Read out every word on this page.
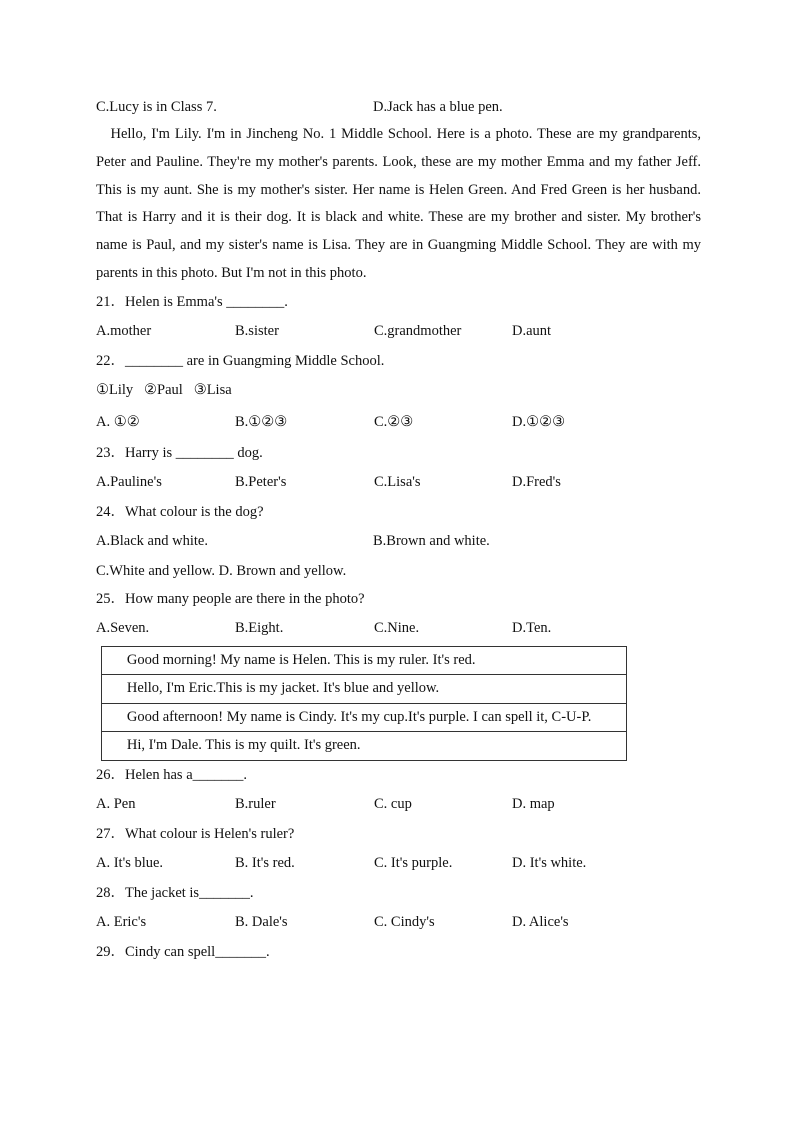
C.Lucy is in Class 7.	D.Jack has a blue pen.

Hello, I'm Lily. I'm in Jincheng No. 1 Middle School. Here is a photo. These are my grandparents, Peter and Pauline. They're my mother's parents. Look, these are my mother Emma and my father Jeff. This is my aunt. She is my mother's sister. Her name is Helen Green. And Fred Green is her husband. That is Harry and it is their dog. It is black and white. These are my brother and sister. My brother's name is Paul, and my sister's name is Lisa. They are in Guangming Middle School. They are with my parents in this photo. But I'm not in this photo.

21．Helen is Emma's ________.
A.mother	B.sister	C.grandmother	D.aunt
22．________ are in Guangming Middle School.
①Lily   ②Paul   ③Lisa
A. ①②	B.①②③	C.②③	D.①②③
23．Harry is ________ dog.
A.Pauline's	B.Peter's	C.Lisa's	D.Fred's
24．What colour is the dog?
A.Black and white.	B.Brown and white.
C.White and yellow. D. Brown and yellow.
25．How many people are there in the photo?
A.Seven.	B.Eight.	C.Nine.	D.Ten.
Good morning! My name is Helen. This is my ruler. It's red.
Hello, I'm Eric.This is my jacket. It's blue and yellow.
Good afternoon! My name is Cindy. It's my cup.It's purple. I can spell it, C-U-P.
Hi, I'm Dale. This is my quilt. It's green.
26．Helen has a_______.
A. Pen	B.ruler	C. cup	D. map
27．What colour is Helen's ruler?
A. It's blue.	B. It's red.	C. It's purple.	D. It's white.
28．The jacket is_______.
A. Eric's	B. Dale's	C. Cindy's	D. Alice's
29．Cindy can spell_______.
